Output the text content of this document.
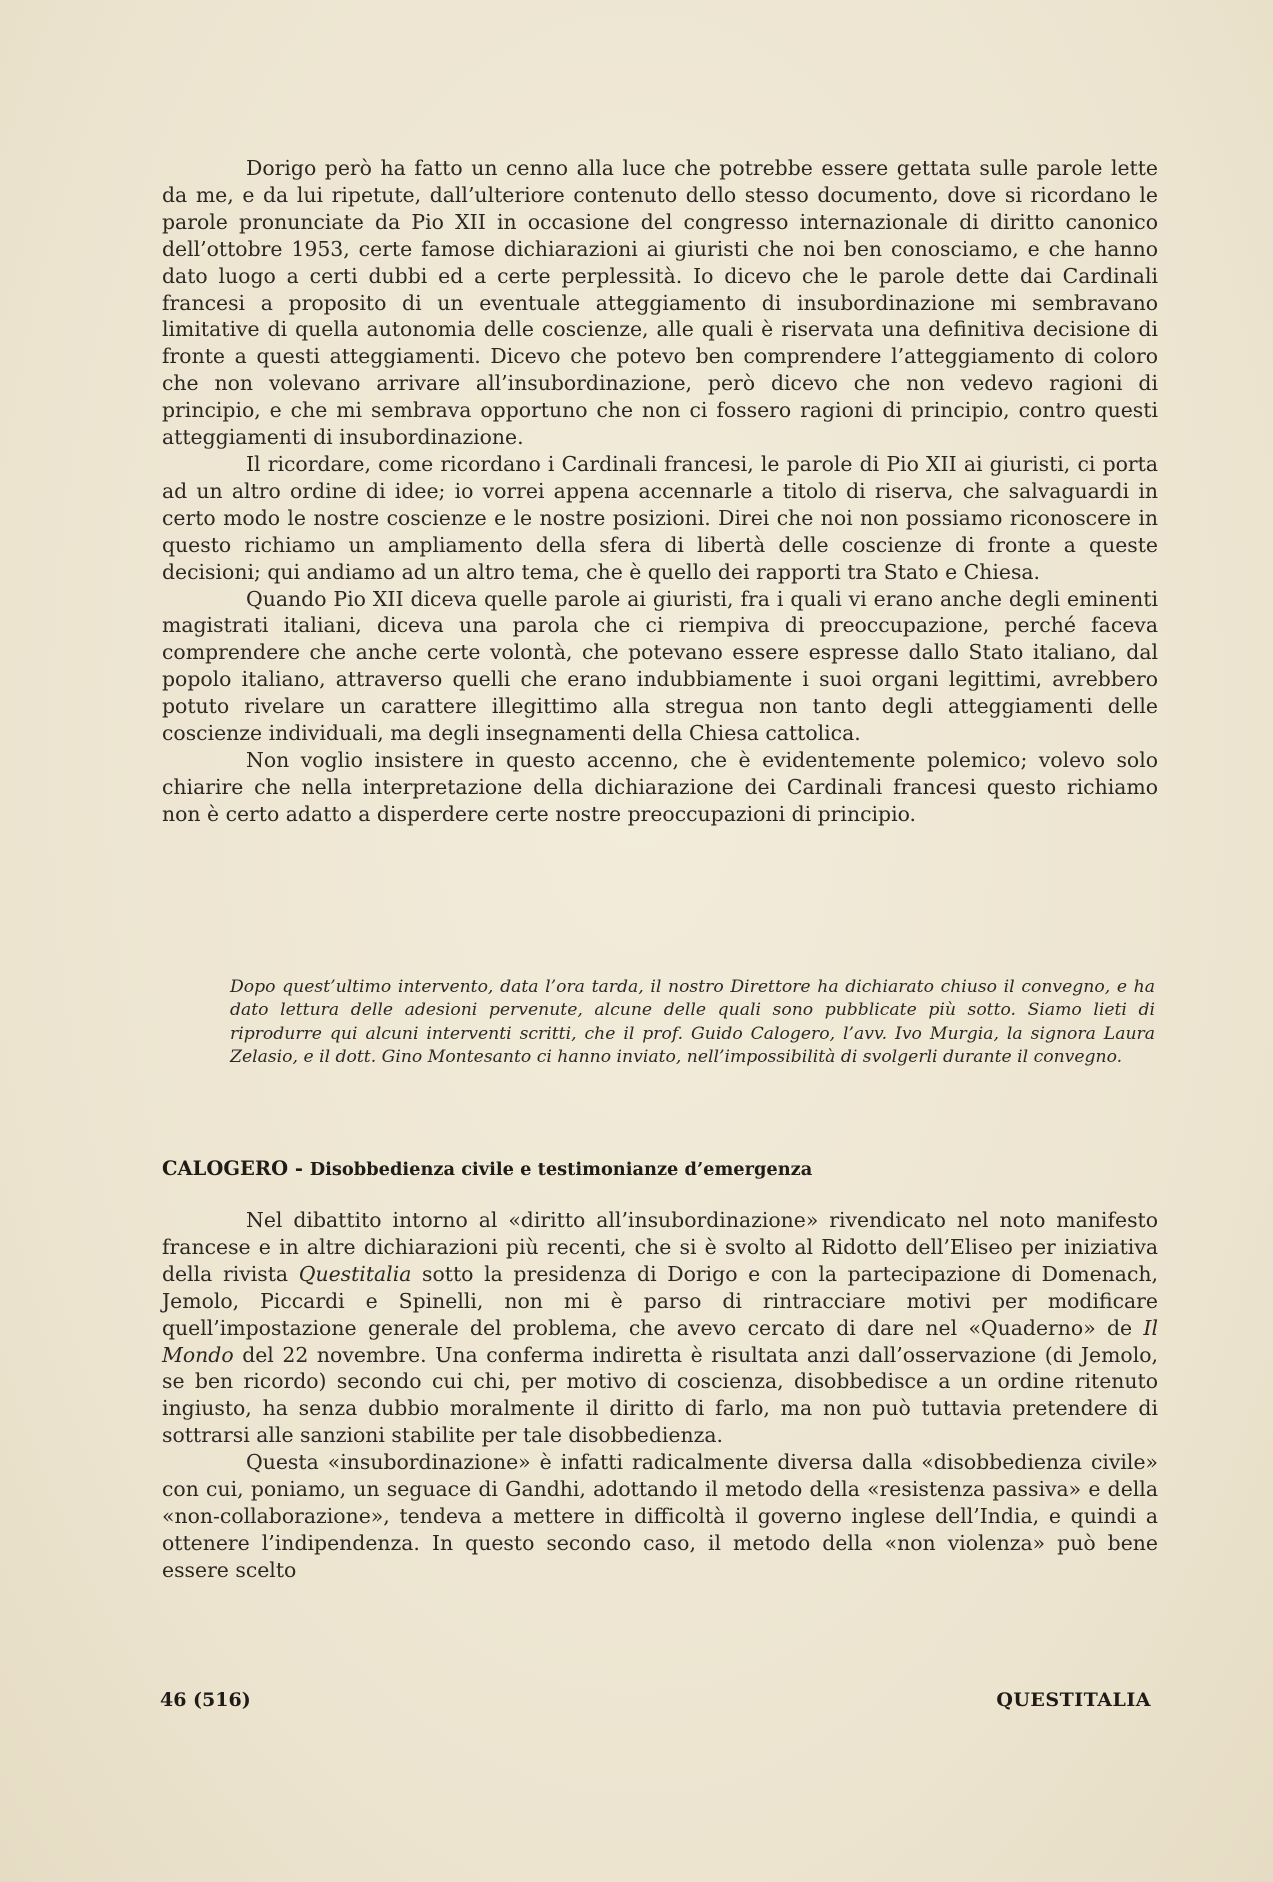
Dorigo però ha fatto un cenno alla luce che potrebbe essere gettata sulle parole lette da me, e da lui ripetute, dall’ulteriore contenuto dello stesso documento, dove si ricordano le parole pronunciate da Pio XII in occasione del congresso internazionale di diritto canonico dell’ottobre 1953, certe famose dichiarazioni ai giuristi che noi ben conosciamo, e che hanno dato luogo a certi dubbi ed a certe perplessità. Io dicevo che le parole dette dai Cardinali francesi a proposito di un eventuale atteggiamento di insubordinazione mi sembravano limitative di quella autonomia delle coscienze, alle quali è riservata una definitiva decisione di fronte a questi atteggiamenti. Dicevo che potevo ben comprendere l’atteggiamento di coloro che non volevano arrivare all’insubordinazione, però dicevo che non vedevo ragioni di principio, e che mi sembrava opportuno che non ci fossero ragioni di principio, contro questi atteggiamenti di insubordinazione.

Il ricordare, come ricordano i Cardinali francesi, le parole di Pio XII ai giuristi, ci porta ad un altro ordine di idee; io vorrei appena accennarle a titolo di riserva, che salvaguardi in certo modo le nostre coscienze e le nostre posizioni. Direi che noi non possiamo riconoscere in questo richiamo un ampliamento della sfera di libertà delle coscienze di fronte a queste decisioni; qui andiamo ad un altro tema, che è quello dei rapporti tra Stato e Chiesa.

Quando Pio XII diceva quelle parole ai giuristi, fra i quali vi erano anche degli eminenti magistrati italiani, diceva una parola che ci riempiva di preoccupazione, perché faceva comprendere che anche certe volontà, che potevano essere espresse dallo Stato italiano, dal popolo italiano, attraverso quelli che erano indubbiamente i suoi organi legittimi, avrebbero potuto rivelare un carattere illegittimo alla stregua non tanto degli atteggiamenti delle coscienze individuali, ma degli insegnamenti della Chiesa cattolica.

Non voglio insistere in questo accenno, che è evidentemente polemico; volevo solo chiarire che nella interpretazione della dichiarazione dei Cardinali francesi questo richiamo non è certo adatto a disperdere certe nostre preoccupazioni di principio.

Dopo quest’ultimo intervento, data l’ora tarda, il nostro Direttore ha dichiarato chiuso il convegno, e ha dato lettura delle adesioni pervenute, alcune delle quali sono pubblicate più sotto. Siamo lieti di riprodurre qui alcuni interventi scritti, che il prof. Guido Calogero, l’avv. Ivo Murgia, la signora Laura Zelasio, e il dott. Gino Montesanto ci hanno inviato, nell’impossibilità di svolgerli durante il convegno.

CALOGERO - Disobbedienza civile e testimonianze d’emergenza

Nel dibattito intorno al «diritto all’insubordinazione» rivendicato nel noto manifesto francese e in altre dichiarazioni più recenti, che si è svolto al Ridotto dell’Eliseo per iniziativa della rivista Questitalia sotto la presidenza di Dorigo e con la partecipazione di Domenach, Jemolo, Piccardi e Spinelli, non mi è parso di rintracciare motivi per modificare quell’impostazione generale del problema, che avevo cercato di dare nel «Quaderno» de Il Mondo del 22 novembre. Una conferma indiretta è risultata anzi dall’osservazione (di Jemolo, se ben ricordo) secondo cui chi, per motivo di coscienza, disobbedisce a un ordine ritenuto ingiusto, ha senza dubbio moralmente il diritto di farlo, ma non può tuttavia pretendere di sottrarsi alle sanzioni stabilite per tale disobbedienza.

Questa «insubordinazione» è infatti radicalmente diversa dalla «disobbedienza civile» con cui, poniamo, un seguace di Gandhi, adottando il metodo della «resistenza passiva» e della «non-collaborazione», tendeva a mettere in difficoltà il governo inglese dell’India, e quindi a ottenere l’indipendenza. In questo secondo caso, il metodo della «non violenza» può bene essere scelto

46 (516)	QUESTITALIA
